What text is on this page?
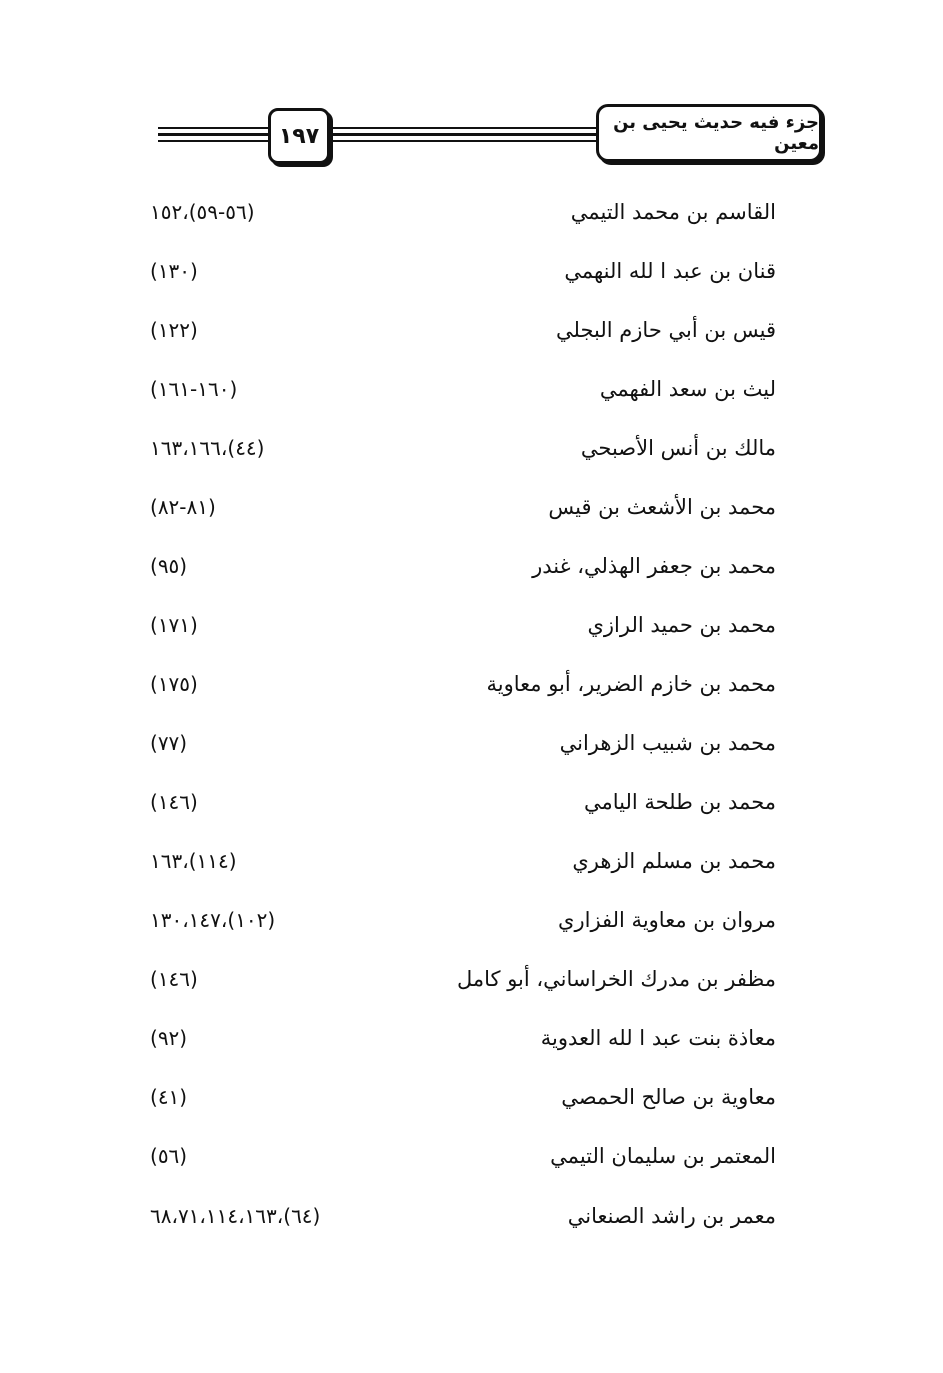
١٩٧
جزء فيه حديث يحيى بن معين
القاسم بن محمد التيمي
(٥٦-٥٩)،١٥٢
قنان بن عبد ا لله النهمي
(١٣٠)
قيس بن أبي حازم البجلي
(١٢٢)
ليث بن سعد الفهمي
(١٦٠-١٦١)
مالك بن أنس الأصبحي
(٤٤)،١٦٣،١٦٦
محمد بن الأشعث بن قيس
(٨١-٨٢)
محمد بن جعفر الهذلي، غندر
(٩٥)
محمد بن حميد الرازي
(١٧١)
محمد بن خازم الضرير، أبو معاوية
(١٧٥)
محمد بن شبيب الزهراني
(٧٧)
محمد بن طلحة اليامي
(١٤٦)
محمد بن مسلم الزهري
(١١٤)،١٦٣
مروان بن معاوية الفزاري
(١٠٢)،١٣٠،١٤٧
مظفر بن مدرك الخراساني، أبو كامل
(١٤٦)
معاذة بنت عبد ا لله العدوية
(٩٢)
معاوية بن صالح الحمصي
(٤١)
المعتمر بن سليمان التيمي
(٥٦)
معمر بن راشد الصنعاني
(٦٤)،٦٨،٧١،١١٤،١٦٣
